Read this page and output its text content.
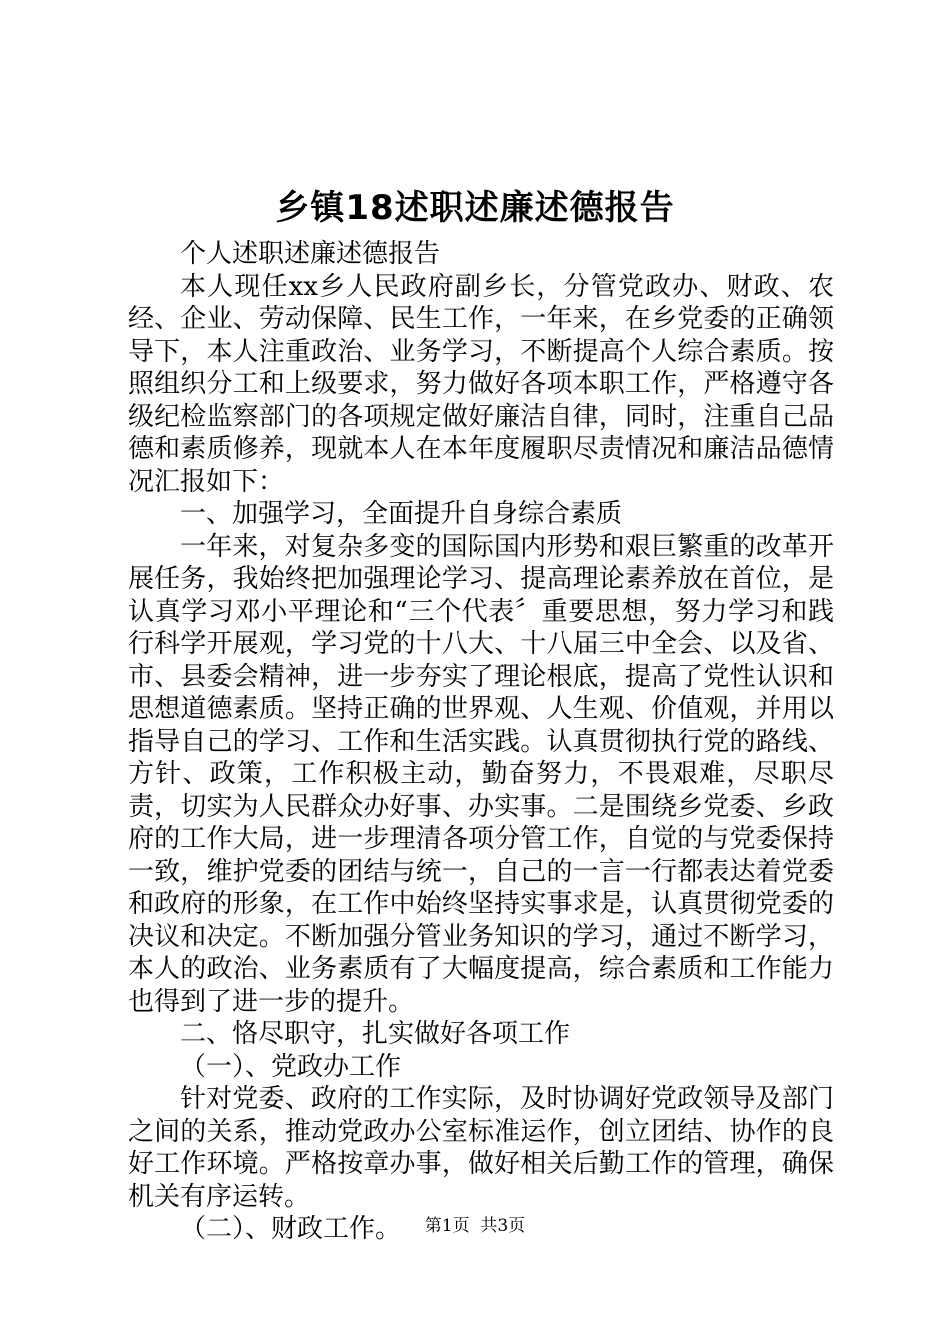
乡镇18述职述廉述德报告

个人述职述廉述德报告

本人现任xx乡人民政府副乡长，分管党政办、财政、农经、企业、劳动保障、民生工作，一年来，在乡党委的正确领导下，本人注重政治、业务学习，不断提高个人综合素质。按照组织分工和上级要求，努力做好各项本职工作，严格遵守各级纪检监察部门的各项规定做好廉洁自律，同时，注重自己品德和素质修养，现就本人在本年度履职尽责情况和廉洁品德情况汇报如下：

一、加强学习，全面提升自身综合素质

一年来，对复杂多变的国际国内形势和艰巨繁重的改革开展任务，我始终把加强理论学习、提高理论素养放在首位，是认真学习邓小平理论和“三个代表〞重要思想，努力学习和践行科学开展观，学习党的十八大、十八届三中全会、以及省、市、县委会精神，进一步夯实了理论根底，提高了党性认识和思想道德素质。坚持正确的世界观、人生观、价值观，并用以指导自己的学习、工作和生活实践。认真贯彻执行党的路线、方针、政策，工作积极主动，勤奋努力，不畏艰难，尽职尽责，切实为人民群众办好事、办实事。二是围绕乡党委、乡政府的工作大局，进一步理清各项分管工作，自觉的与党委保持一致，维护党委的团结与统一，自己的一言一行都表达着党委和政府的形象，在工作中始终坚持实事求是，认真贯彻党委的决议和决定。不断加强分管业务知识的学习，通过不断学习，本人的政治、业务素质有了大幅度提高，综合素质和工作能力也得到了进一步的提升。

二、恪尽职守，扎实做好各项工作

（一）、党政办工作

针对党委、政府的工作实际，及时协调好党政领导及部门之间的关系，推动党政办公室标准运作，创立团结、协作的良好工作环境。严格按章办事，做好相关后勤工作的管理，确保机关有序运转。

（二）、财政工作。	第1页  共3页
